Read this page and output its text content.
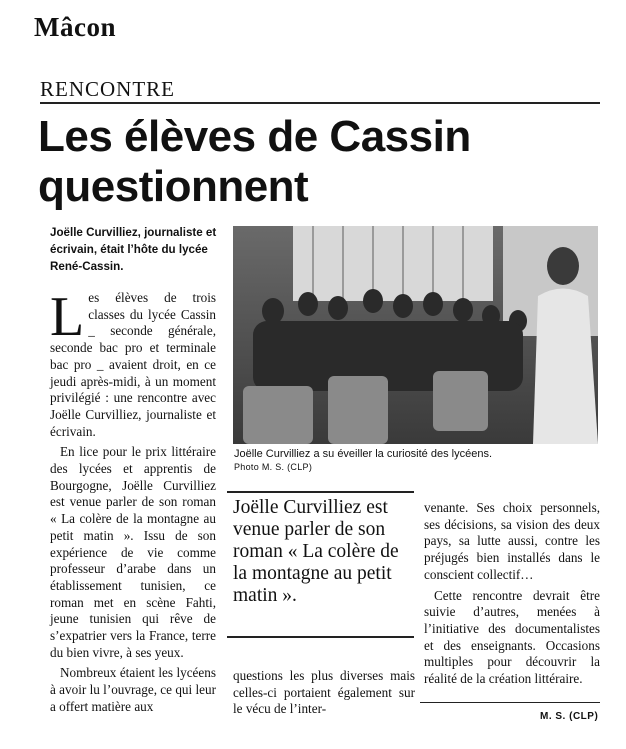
Mâcon
RENCONTRE
Les élèves de Cassin
questionnent
Joëlle Curvilliez, journaliste et écrivain, était l’hôte du lycée René-Cassin.

Les élèves de trois classes du lycée Cassin _ seconde générale, seconde bac pro et terminale bac pro _ avaient droit, en ce jeudi après-midi, à un moment privilégié : une rencontre avec Joëlle Curvilliez, journaliste et écrivain.

En lice pour le prix littéraire des lycées et apprentis de Bourgogne, Joëlle Curvilliez est venue parler de son roman « La colère de la montagne au petit matin ». Issu de son expérience de vie comme professeur d’arabe dans un établissement tunisien, ce roman met en scène Fahti, jeune tunisien qui rêve de s’expatrier vers la France, terre du bien vivre, à ses yeux.

Nombreux étaient les lycéens à avoir lu l’ouvrage, ce qui leur a offert matière aux

Joëlle Curvilliez a su éveiller la curiosité des lycéens.
Photo M. S. (CLP)
Joëlle Curvilliez est venue parler de son roman « La colère de la montagne au petit matin ».

questions les plus diverses mais celles-ci portaient également sur le vécu de l’inter-

venante. Ses choix personnels, ses décisions, sa vision des deux pays, sa lutte aussi, contre les préjugés bien installés dans le conscient collectif…

Cette rencontre devrait être suivie d’autres, menées à l’initiative des documentalistes et des enseignants. Occasions multiples pour découvrir la réalité de la création littéraire.

M. S. (CLP)
